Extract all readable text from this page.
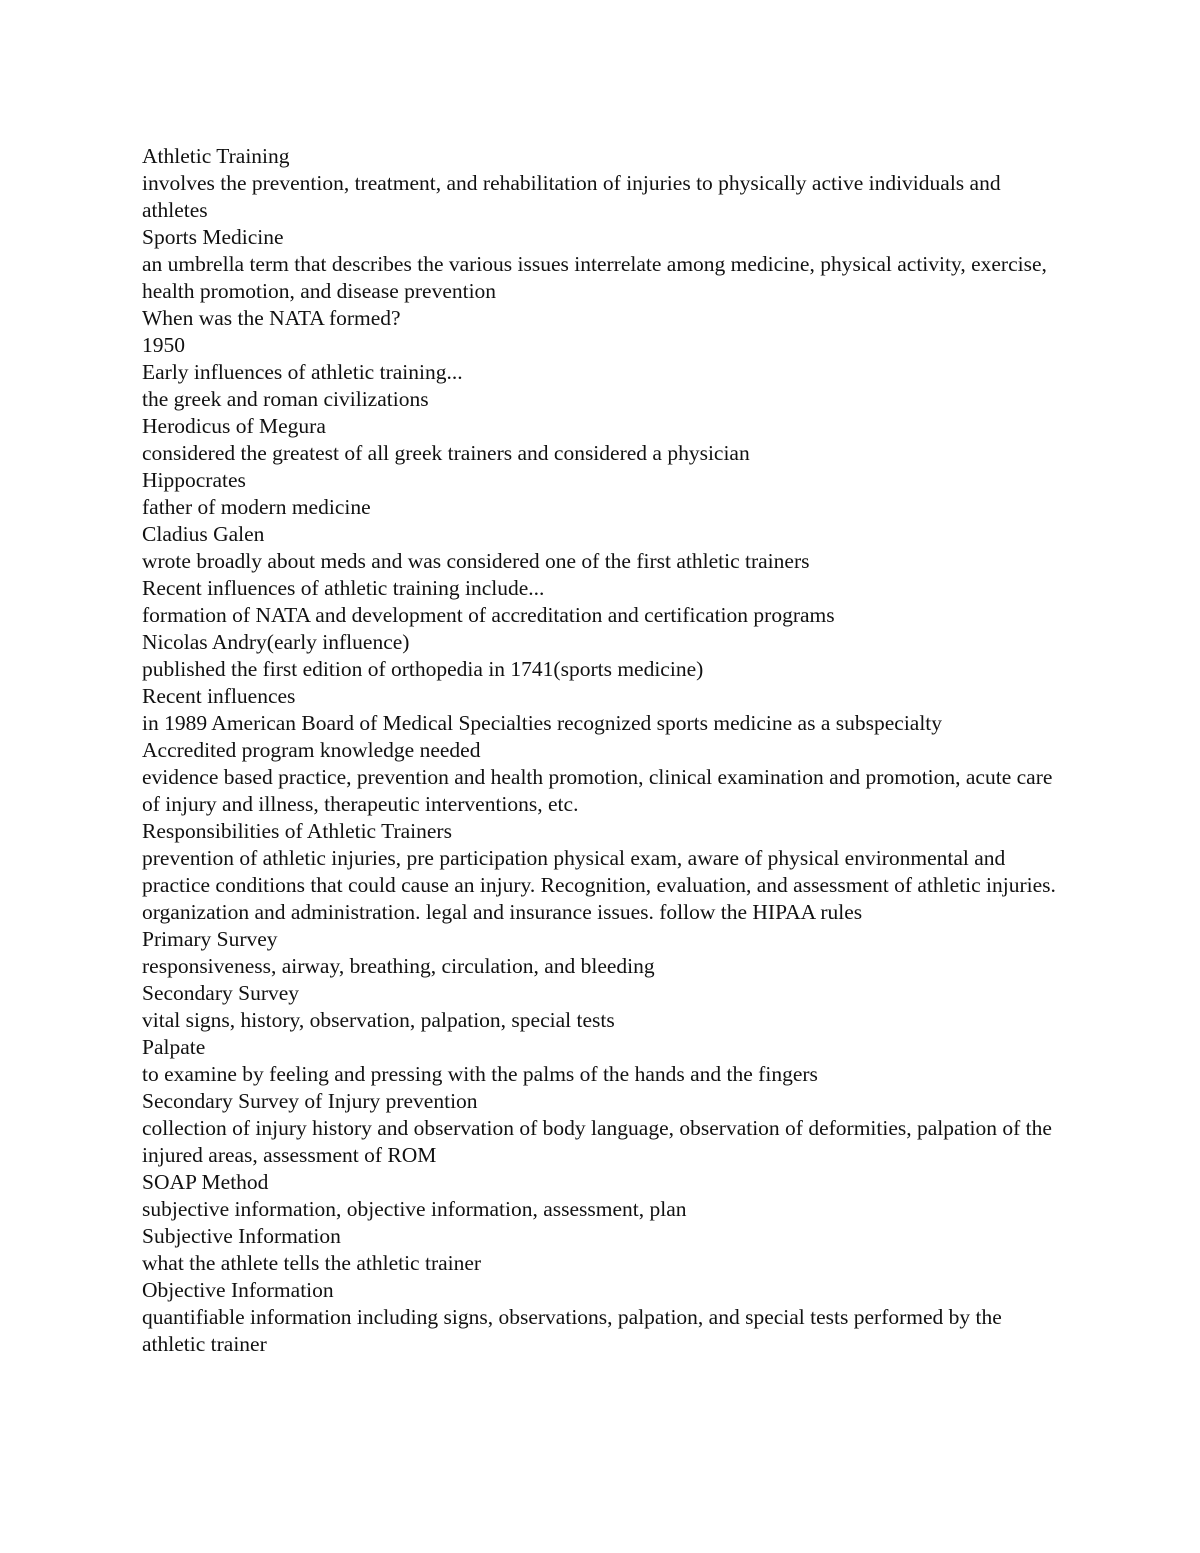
Athletic Training

involves the prevention, treatment, and rehabilitation of injuries to physically active individuals and athletes

Sports Medicine

an umbrella term that describes the various issues interrelate among medicine, physical activity, exercise, health promotion, and disease prevention

When was the NATA formed?

1950

Early influences of athletic training...

the greek and roman civilizations

Herodicus of Megura

considered the greatest of all greek trainers and considered a physician

Hippocrates

father of modern medicine

Cladius Galen

wrote broadly about meds and was considered one of the first athletic trainers

Recent influences of athletic training include...

formation of NATA and development of accreditation and certification programs

Nicolas Andry(early influence)

published the first edition of orthopedia in 1741(sports medicine)

Recent influences

in 1989 American Board of Medical Specialties recognized sports medicine as a subspecialty

Accredited program knowledge needed

evidence based practice, prevention and health promotion, clinical examination and promotion, acute care of injury and illness, therapeutic interventions, etc.

Responsibilities of Athletic Trainers

prevention of athletic injuries, pre participation physical exam, aware of physical environmental and practice conditions that could cause an injury. Recognition, evaluation, and assessment of athletic injuries. organization and administration. legal and insurance issues. follow the HIPAA rules

Primary Survey

responsiveness, airway, breathing, circulation, and bleeding

Secondary Survey

vital signs, history, observation, palpation, special tests

Palpate

to examine by feeling and pressing with the palms of the hands and the fingers

Secondary Survey of Injury prevention

collection of injury history and observation of body language, observation of deformities, palpation of the injured areas, assessment of ROM

SOAP Method

subjective information, objective information, assessment, plan

Subjective Information

what the athlete tells the athletic trainer

Objective Information

quantifiable information including signs, observations, palpation, and special tests performed by the athletic trainer
